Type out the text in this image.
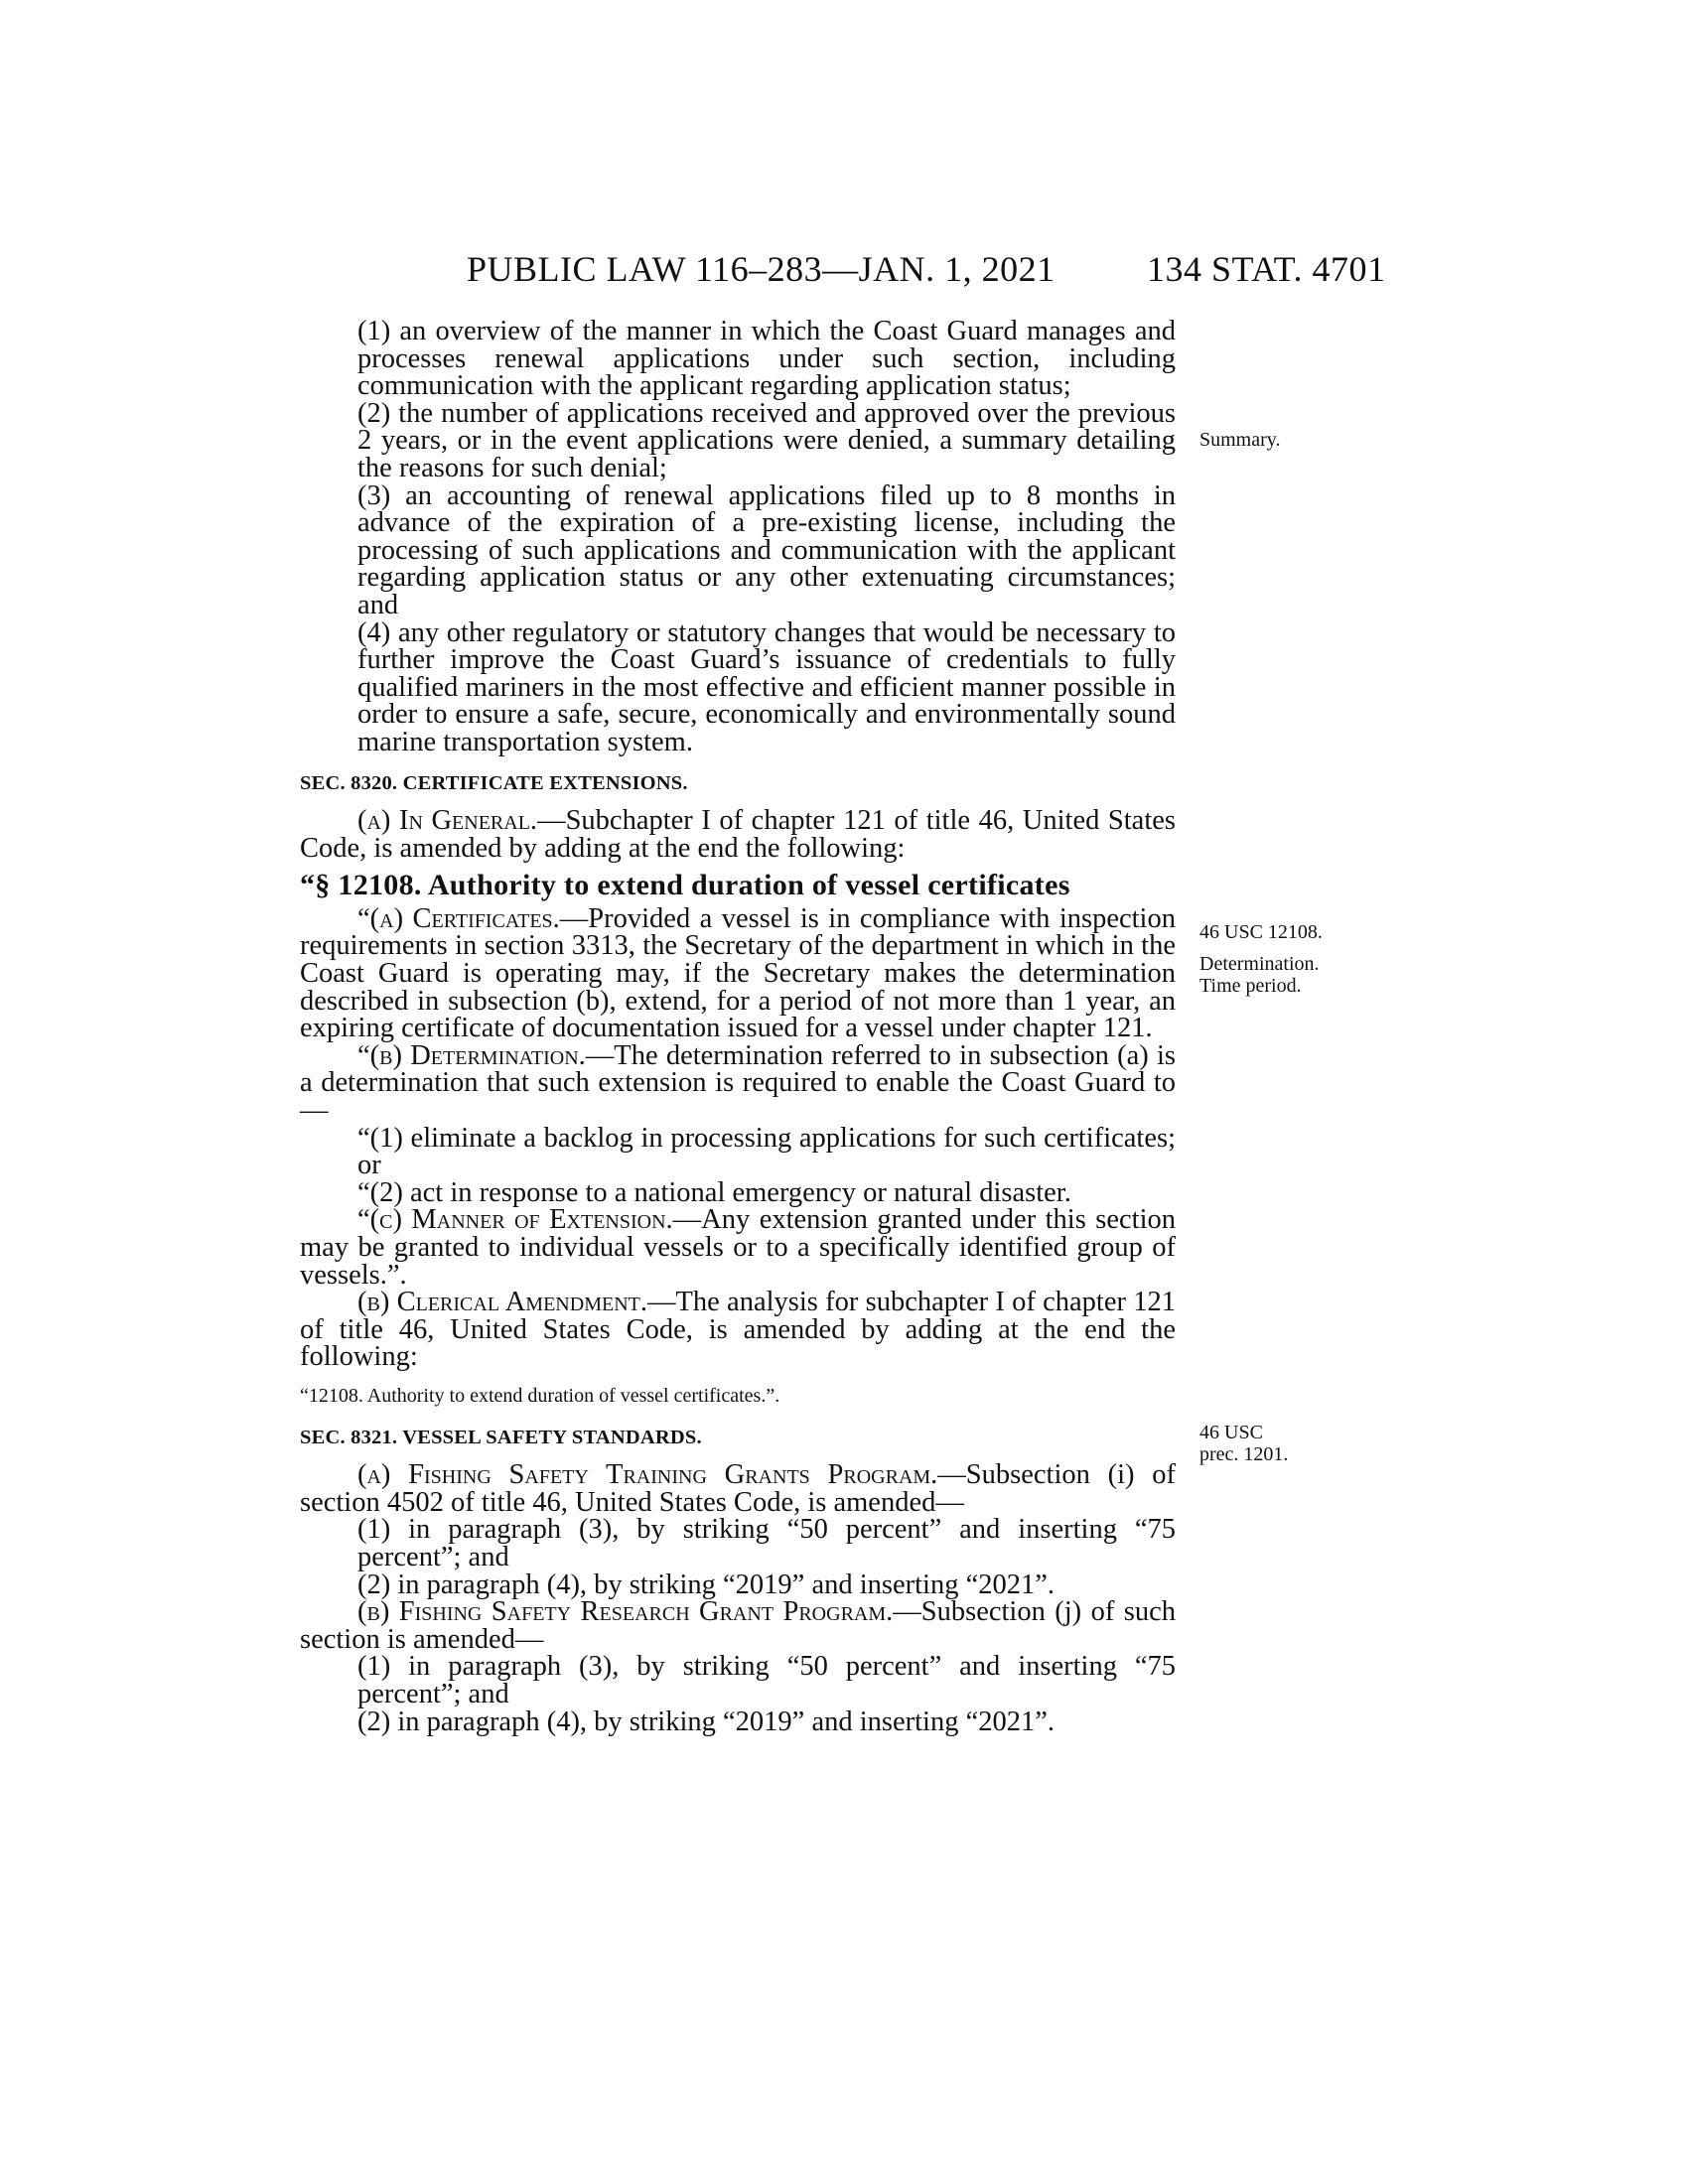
PUBLIC LAW 116–283—JAN. 1, 2021	134 STAT. 4701

(1) an overview of the manner in which the Coast Guard manages and processes renewal applications under such section, including communication with the applicant regarding application status;

(2) the number of applications received and approved over the previous 2 years, or in the event applications were denied, a summary detailing the reasons for such denial;

(3) an accounting of renewal applications filed up to 8 months in advance of the expiration of a pre-existing license, including the processing of such applications and communication with the applicant regarding application status or any other extenuating circumstances; and

(4) any other regulatory or statutory changes that would be necessary to further improve the Coast Guard’s issuance of credentials to fully qualified mariners in the most effective and efficient manner possible in order to ensure a safe, secure, economically and environmentally sound marine transportation system.

SEC. 8320. CERTIFICATE EXTENSIONS.

(a) In General.—Subchapter I of chapter 121 of title 46, United States Code, is amended by adding at the end the following:

“§ 12108. Authority to extend duration of vessel certificates

“(a) Certificates.—Provided a vessel is in compliance with inspection requirements in section 3313, the Secretary of the department in which in the Coast Guard is operating may, if the Secretary makes the determination described in subsection (b), extend, for a period of not more than 1 year, an expiring certificate of documentation issued for a vessel under chapter 121.

“(b) Determination.—The determination referred to in subsection (a) is a determination that such extension is required to enable the Coast Guard to—

“(1) eliminate a backlog in processing applications for such certificates; or

“(2) act in response to a national emergency or natural disaster.

“(c) Manner of Extension.—Any extension granted under this section may be granted to individual vessels or to a specifically identified group of vessels.”.

(b) Clerical Amendment.—The analysis for subchapter I of chapter 121 of title 46, United States Code, is amended by adding at the end the following:

“12108. Authority to extend duration of vessel certificates.”.
SEC. 8321. VESSEL SAFETY STANDARDS.

(a) Fishing Safety Training Grants Program.—Subsection (i) of section 4502 of title 46, United States Code, is amended—

(1) in paragraph (3), by striking “50 percent” and inserting “75 percent”; and

(2) in paragraph (4), by striking “2019” and inserting “2021”.

(b) Fishing Safety Research Grant Program.—Subsection (j) of such section is amended—

(1) in paragraph (3), by striking “50 percent” and inserting “75 percent”; and

(2) in paragraph (4), by striking “2019” and inserting “2021”.

Summary.
46 USC 12108.
Determination.
Time period.
46 USC
prec. 1201.
